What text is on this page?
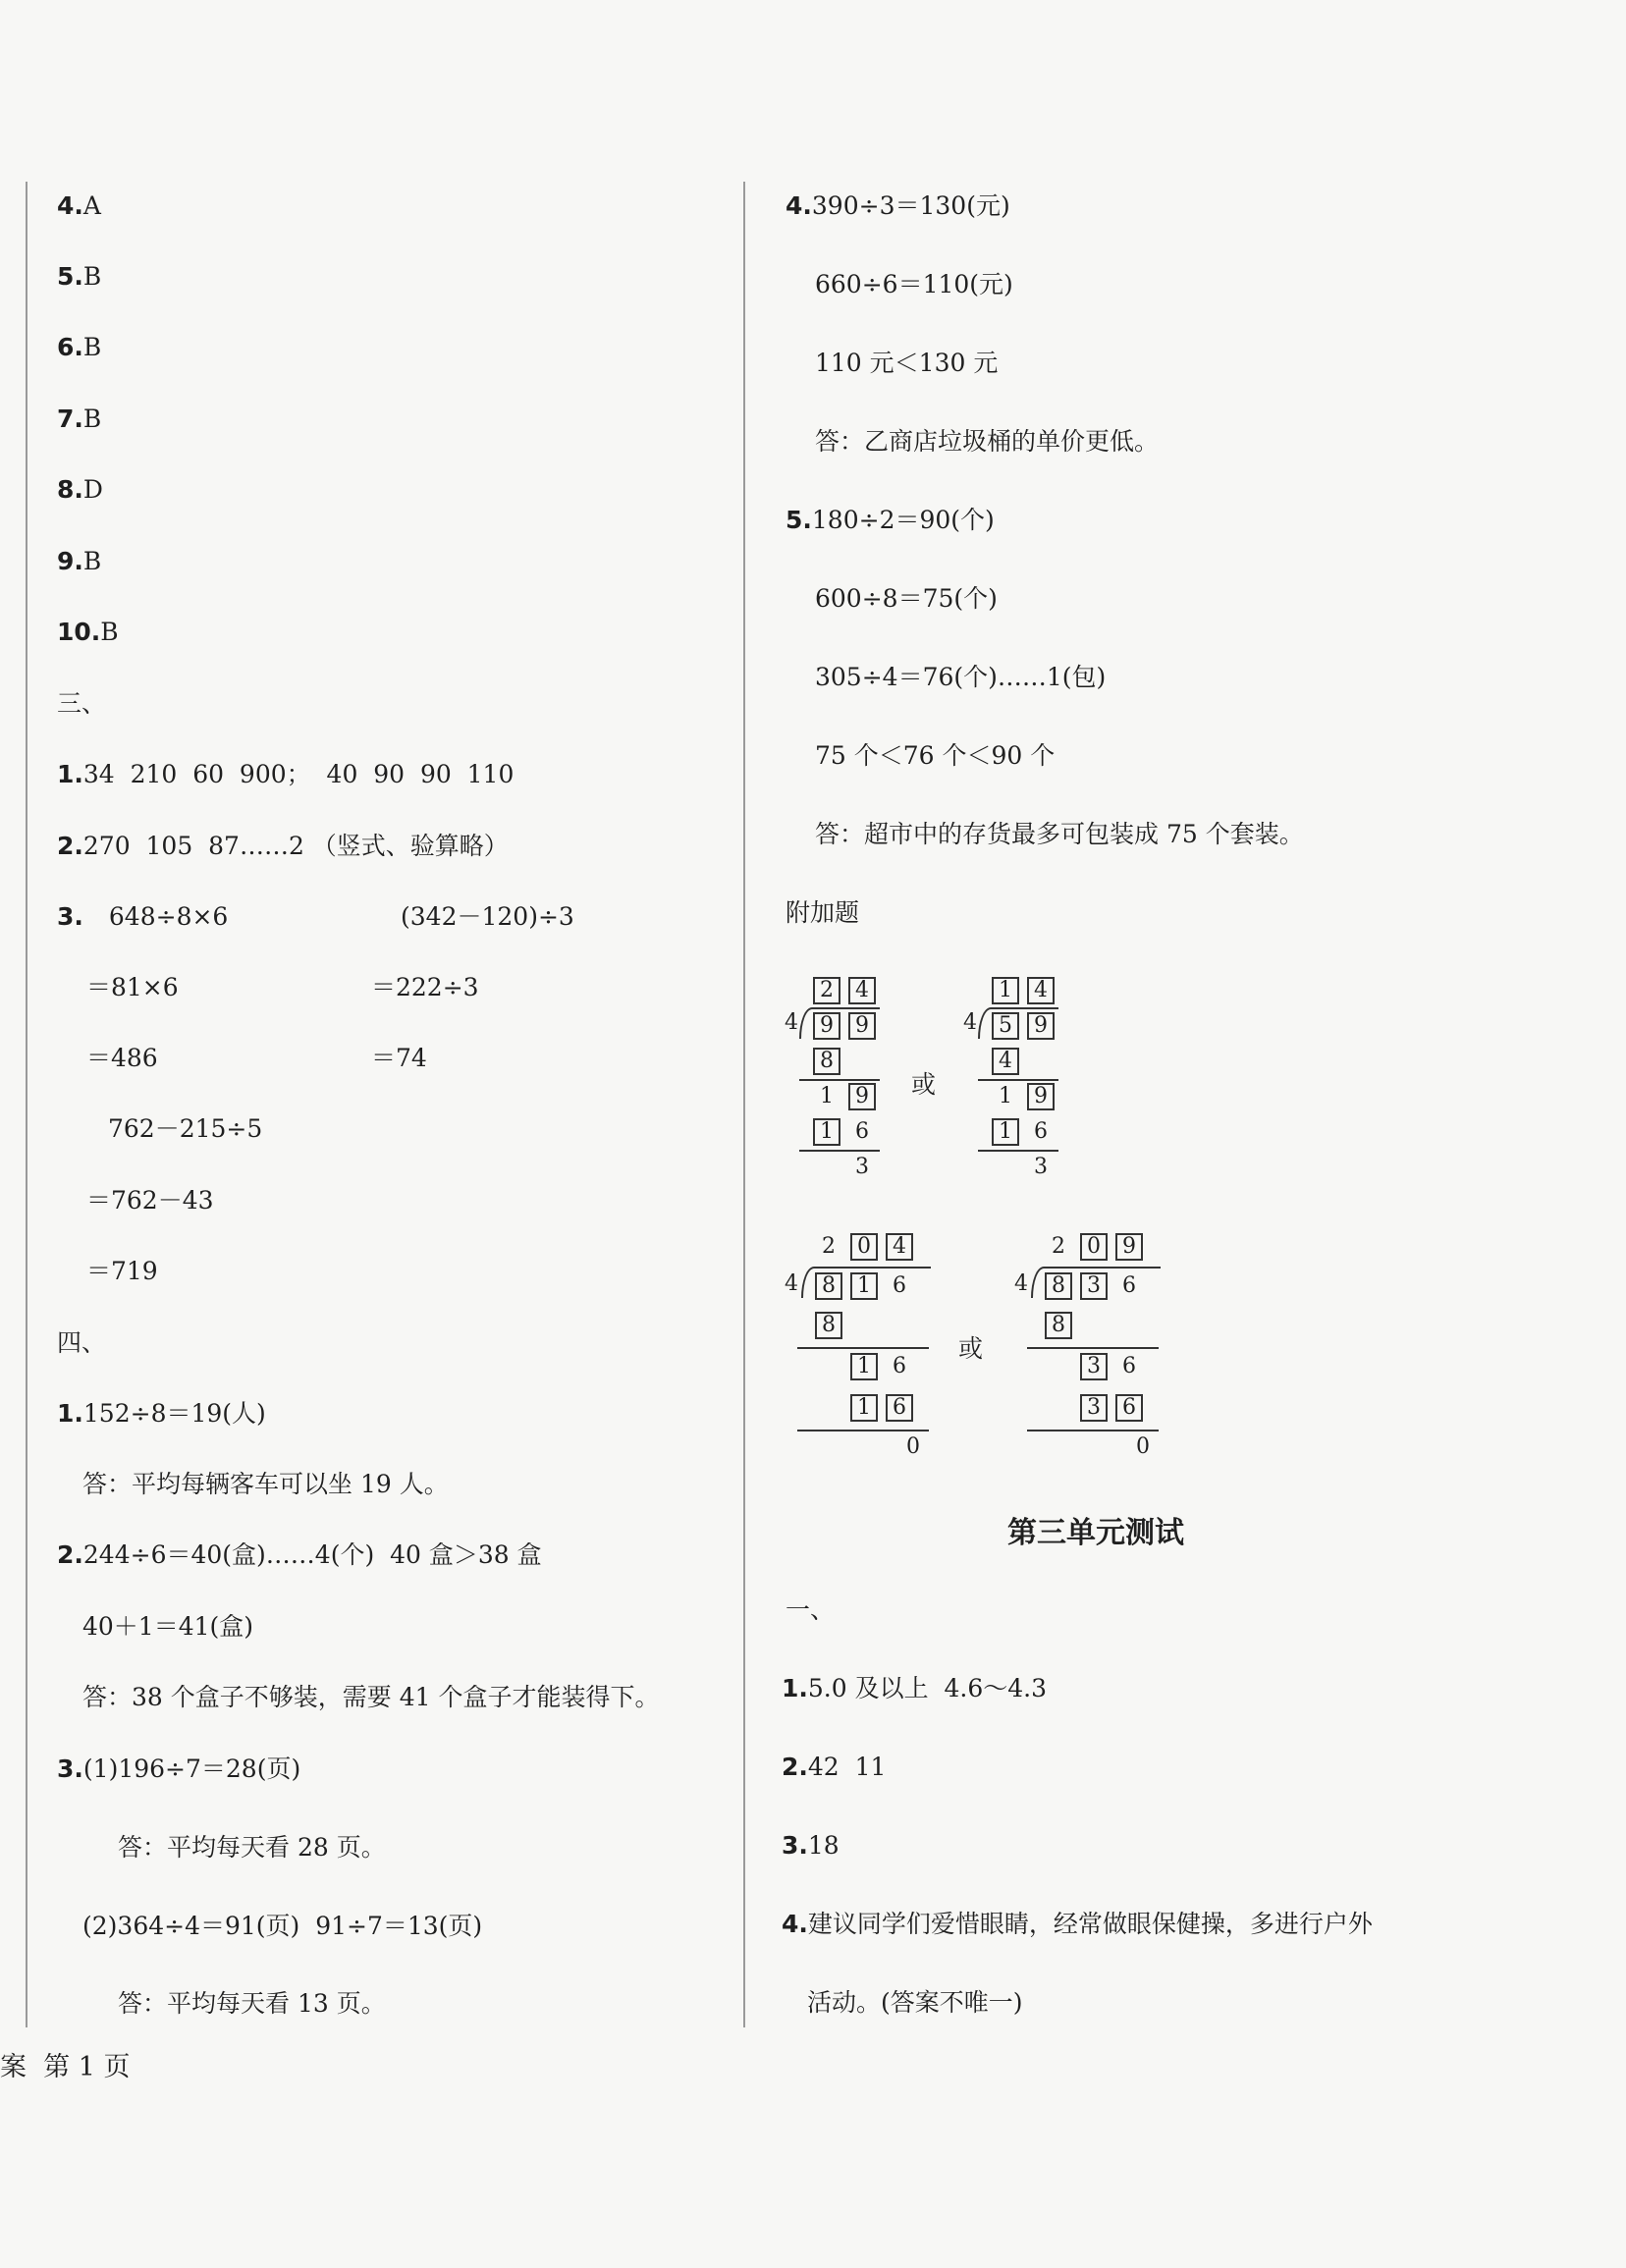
4.A
5.B
6.B
7.B
8.D
9.B
10.B
三、
1.34  210  60  900；  40  90  90  110
2.270  105  87……2 （竖式、验算略）
3. 648÷8×6	(342－120)÷3
＝81×6	＝222÷3
＝486	＝74
762－215÷5
＝762－43
＝719
四、
1.152÷8＝19(人)
答：平均每辆客车可以坐 19 人。
2.244÷6＝40(盒)……4(个)  40 盒＞38 盒
40＋1＝41(盒)
答：38 个盒子不够装，需要 41 个盒子才能装得下。
3.(1)196÷7＝28(页)
答：平均每天看 28 页。
(2)364÷4＝91(页)  91÷7＝13(页)
答：平均每天看 13 页。
4.390÷3＝130(元)
660÷6＝110(元)
110 元＜130 元
答：乙商店垃圾桶的单价更低。
5.180÷2＝90(个)
600÷8＝75(个)
305÷4＝76(个)……1(包)
75 个＜76 个＜90 个
答：超市中的存货最多可包装成 75 个套装。
附加题
2	4
4	9	9
8
1	9
1	6
3
或
1	4
4	5	9
4
1	9
1	6
3
2	0	4
4	8	1	6
8
1	6
1	6
0
或
2	0	9
4	8	3	6
8
3	6
3	6
0
第三单元测试
一、
1.5.0 及以上  4.6～4.3
2.42  11
3.18
4.建议同学们爱惜眼睛，经常做眼保健操，多进行户外
活动。(答案不唯一)
案  第 1 页
